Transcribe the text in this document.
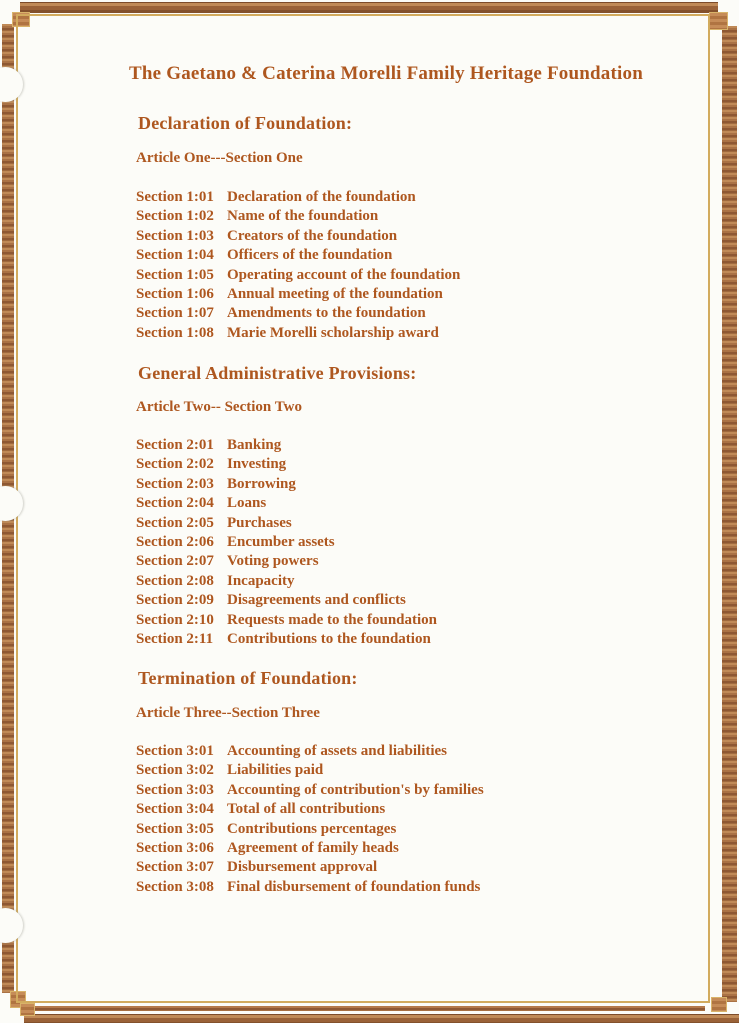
The Gaetano & Caterina Morelli Family Heritage Foundation
Declaration of Foundation:
Article One---Section One
Section 1:01 Declaration of the foundation
Section 1:02 Name of the foundation
Section 1:03 Creators of the foundation
Section 1:04 Officers of the foundation
Section 1:05 Operating account of the foundation
Section 1:06 Annual meeting of the foundation
Section 1:07 Amendments to the foundation
Section 1:08 Marie Morelli scholarship award
General Administrative Provisions:
Article Two-- Section Two
Section 2:01 Banking
Section 2:02 Investing
Section 2:03 Borrowing
Section 2:04 Loans
Section 2:05 Purchases
Section 2:06 Encumber assets
Section 2:07 Voting powers
Section 2:08 Incapacity
Section 2:09 Disagreements and conflicts
Section 2:10 Requests made to the foundation
Section 2:11 Contributions to the foundation
Termination of Foundation:
Article Three--Section Three
Section 3:01 Accounting of assets and liabilities
Section 3:02 Liabilities paid
Section 3:03 Accounting of contribution's by families
Section 3:04 Total of all contributions
Section 3:05 Contributions percentages
Section 3:06 Agreement of family heads
Section 3:07 Disbursement approval
Section 3:08 Final disbursement of foundation funds
